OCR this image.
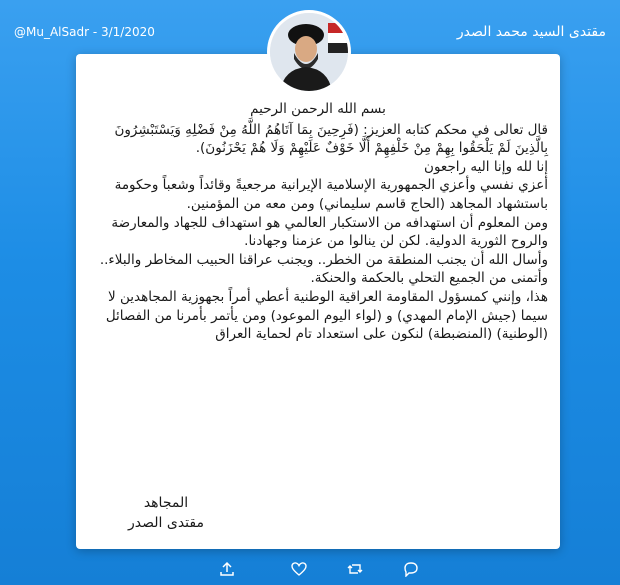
@Mu_AlSadr - 3/1/2020	مقتدى السيد محمد الصدر

بسم الله الرحمن الرحيم

قال تعالى في محكم كتابه العزيز: (فَرِحِينَ بِمَا آتَاهُمُ اللَّهُ مِنْ فَضْلِهِ وَيَسْتَبْشِرُونَ بِالَّذِينَ لَمْ يَلْحَقُوا بِهِمْ مِنْ خَلْفِهِمْ أَلَّا خَوْفٌ عَلَيْهِمْ وَلَا هُمْ يَحْزَنُونَ).

إنا لله وإنا اليه راجعون

أعزي نفسي وأعزي الجمهورية الإسلامية الإيرانية مرجعيةً وقائداً وشعباً وحكومة باستشهاد المجاهد (الحاج قاسم سليماني) ومن معه من المؤمنين.

ومن المعلوم أن استهدافه من الاستكبار العالمي هو استهداف للجهاد والمعارضة والروح الثورية الدولية. لكن لن ينالوا من عزمنا وجهادنا.

وأسال الله أن يجنب المنطقة من الخطر.. ويجنب عراقنا الحبيب المخاطر والبلاء.. وأتمنى من الجميع التحلي بالحكمة والحنكة.

هذا، وإنني كمسؤول المقاومة العراقية الوطنية أعطي أمراً بجهوزية المجاهدين لا سيما (جيش الإمام المهدي) و (لواء اليوم الموعود) ومن يأتمر بأمرنا من الفصائل (الوطنية) (المنضبطة) لنكون على استعداد تام لحماية العراق

المجاهد
مقتدى الصدر
